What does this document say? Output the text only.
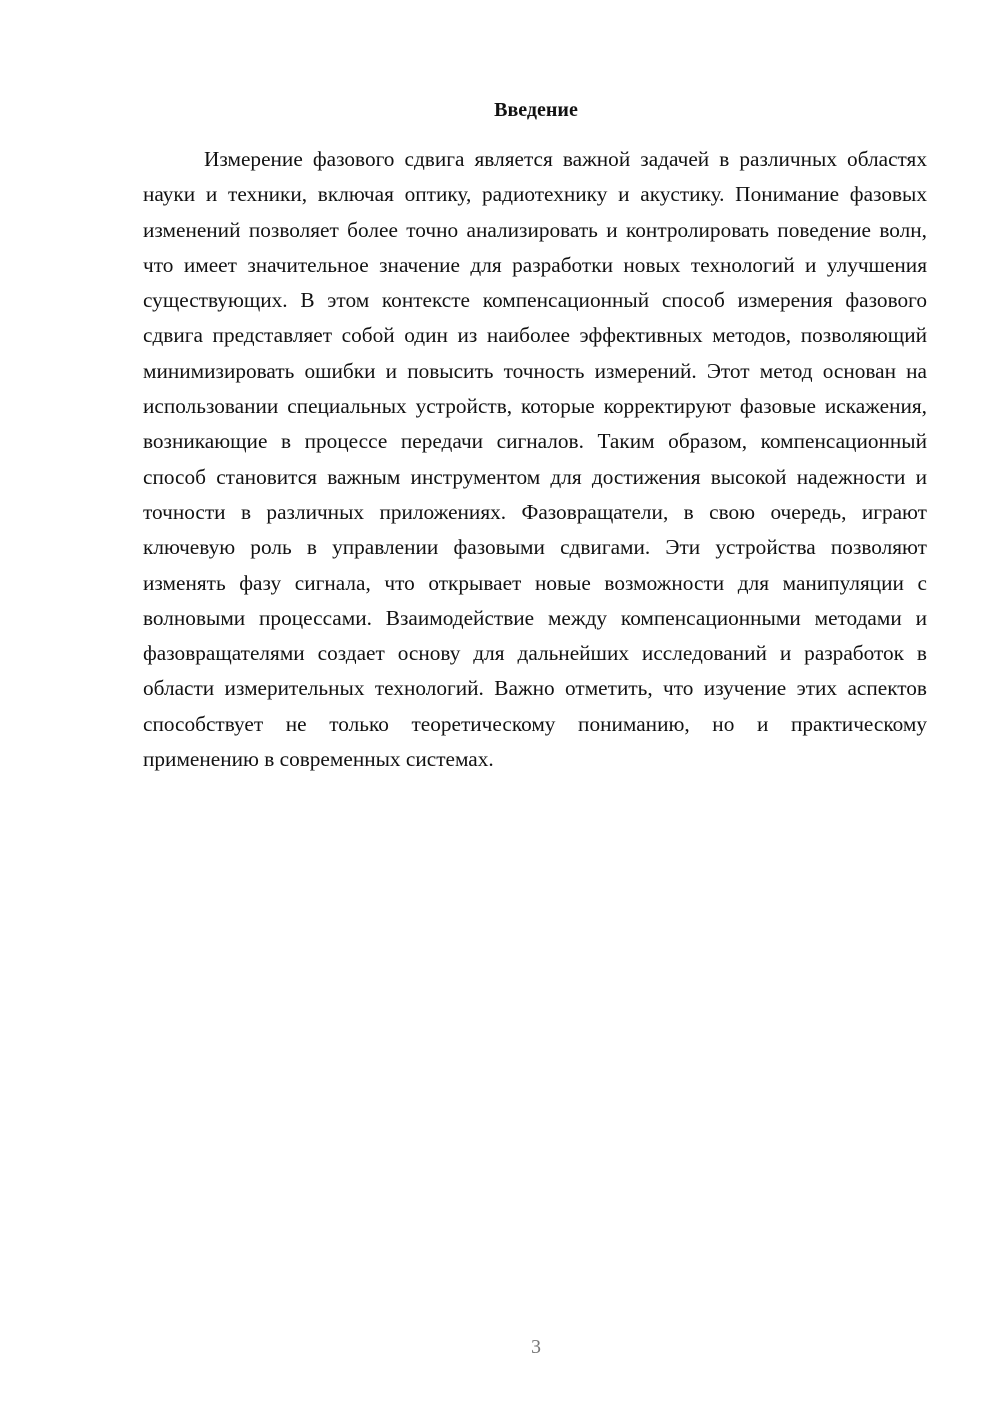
Введение

Измерение фазового сдвига является важной задачей в различных областях науки и техники, включая оптику, радиотехнику и акустику. Понимание фазовых изменений позволяет более точно анализировать и контролировать поведение волн, что имеет значительное значение для разработки новых технологий и улучшения существующих. В этом контексте компенсационный способ измерения фазового сдвига представляет собой один из наиболее эффективных методов, позволяющий минимизировать ошибки и повысить точность измерений. Этот метод основан на использовании специальных устройств, которые корректируют фазовые искажения, возникающие в процессе передачи сигналов. Таким образом, компенсационный способ становится важным инструментом для достижения высокой надежности и точности в различных приложениях. Фазовращатели, в свою очередь, играют ключевую роль в управлении фазовыми сдвигами. Эти устройства позволяют изменять фазу сигнала, что открывает новые возможности для манипуляции с волновыми процессами. Взаимодействие между компенсационными методами и фазовращателями создает основу для дальнейших исследований и разработок в области измерительных технологий. Важно отметить, что изучение этих аспектов способствует не только теоретическому пониманию, но и практическому применению в современных системах.

3
